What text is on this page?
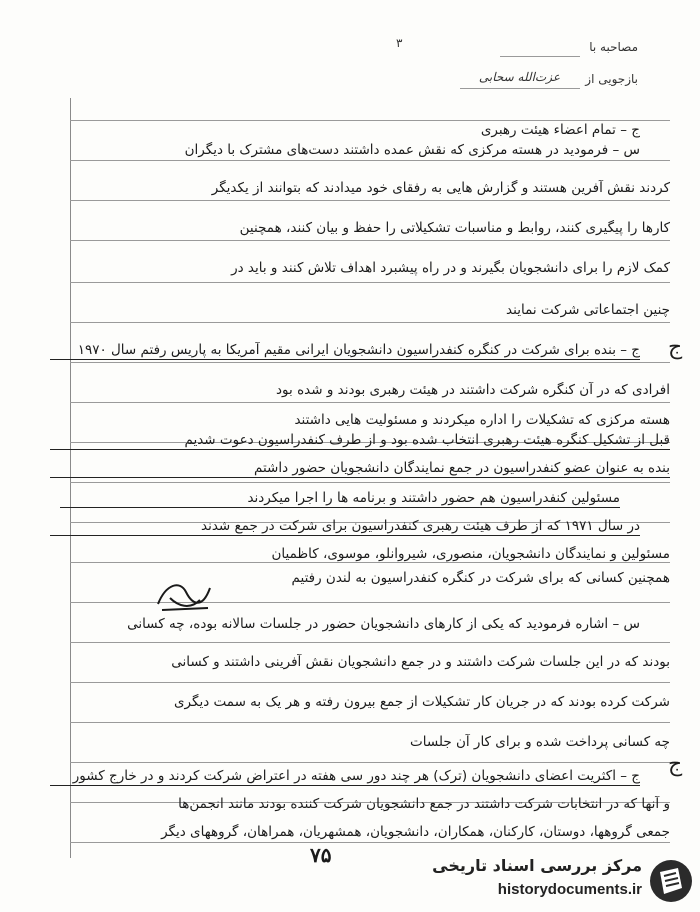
مصاحبه با
۳
بازجویی از
عزت‌الله سحابی
ج
ج
ج – تمام اعضاء هیئت رهبری
س – فرمودید در هسته مرکزی که نقش عمده داشتند دست‌های مشترک با دیگران
کردند نقش آفرین هستند و گزارش هایی به رفقای خود میدادند که بتوانند از یکدیگر
کارها را پیگیری کنند، روابط و مناسبات تشکیلاتی را حفظ و بیان کنند، همچنین
کمک لازم را برای دانشجویان بگیرند و در راه پیشبرد اهداف تلاش کنند و باید در
چنین اجتماعاتی شرکت نمایند
ج – بنده برای شرکت در کنگره کنفدراسیون دانشجویان ایرانی مقیم آمریکا به پاریس رفتم سال ۱۹۷۰
افرادی که در آن کنگره شرکت داشتند در هیئت رهبری بودند و شده بود
هسته مرکزی که تشکیلات را اداره میکردند و مسئولیت هایی داشتند
قبل از تشکیل کنگره هیئت رهبری انتخاب شده بود و از طرف کنفدراسیون دعوت شدیم
بنده به عنوان عضو کنفدراسیون در جمع نمایندگان دانشجویان حضور داشتم
مسئولین کنفدراسیون هم حضور داشتند و برنامه ها را اجرا میکردند
در سال ۱۹۷۱ که از طرف هیئت رهبری کنفدراسیون برای شرکت در جمع شدند
مسئولین و نمایندگان دانشجویان، منصوری، شیروانلو، موسوی، کاظمیان
همچنین کسانی که برای شرکت در کنگره کنفدراسیون به لندن رفتیم
س – اشاره فرمودید که یکی از کارهای دانشجویان حضور در جلسات سالانه بوده، چه کسانی
بودند که در این جلسات شرکت داشتند و در جمع دانشجویان نقش آفرینی داشتند و کسانی
شرکت کرده بودند که در جریان کار تشکیلات از جمع بیرون رفته و هر یک به سمت دیگری
چه کسانی پرداخت شده و برای کار آن جلسات
ج – اکثریت اعضای دانشجویان (ترک) هر چند دور سی هفته در اعتراض شرکت کردند و در خارج کشور
و آنها که در انتخابات شرکت داشتند در جمع دانشجویان شرکت کننده بودند مانند انجمن‌ها
جمعی گروهها، دوستان، کارکنان، همکاران، دانشجویان، همشهریان، همراهان، گروههای دیگر
۷۵	مرکز بررسی اسناد تاریخی
historydocuments.ir
